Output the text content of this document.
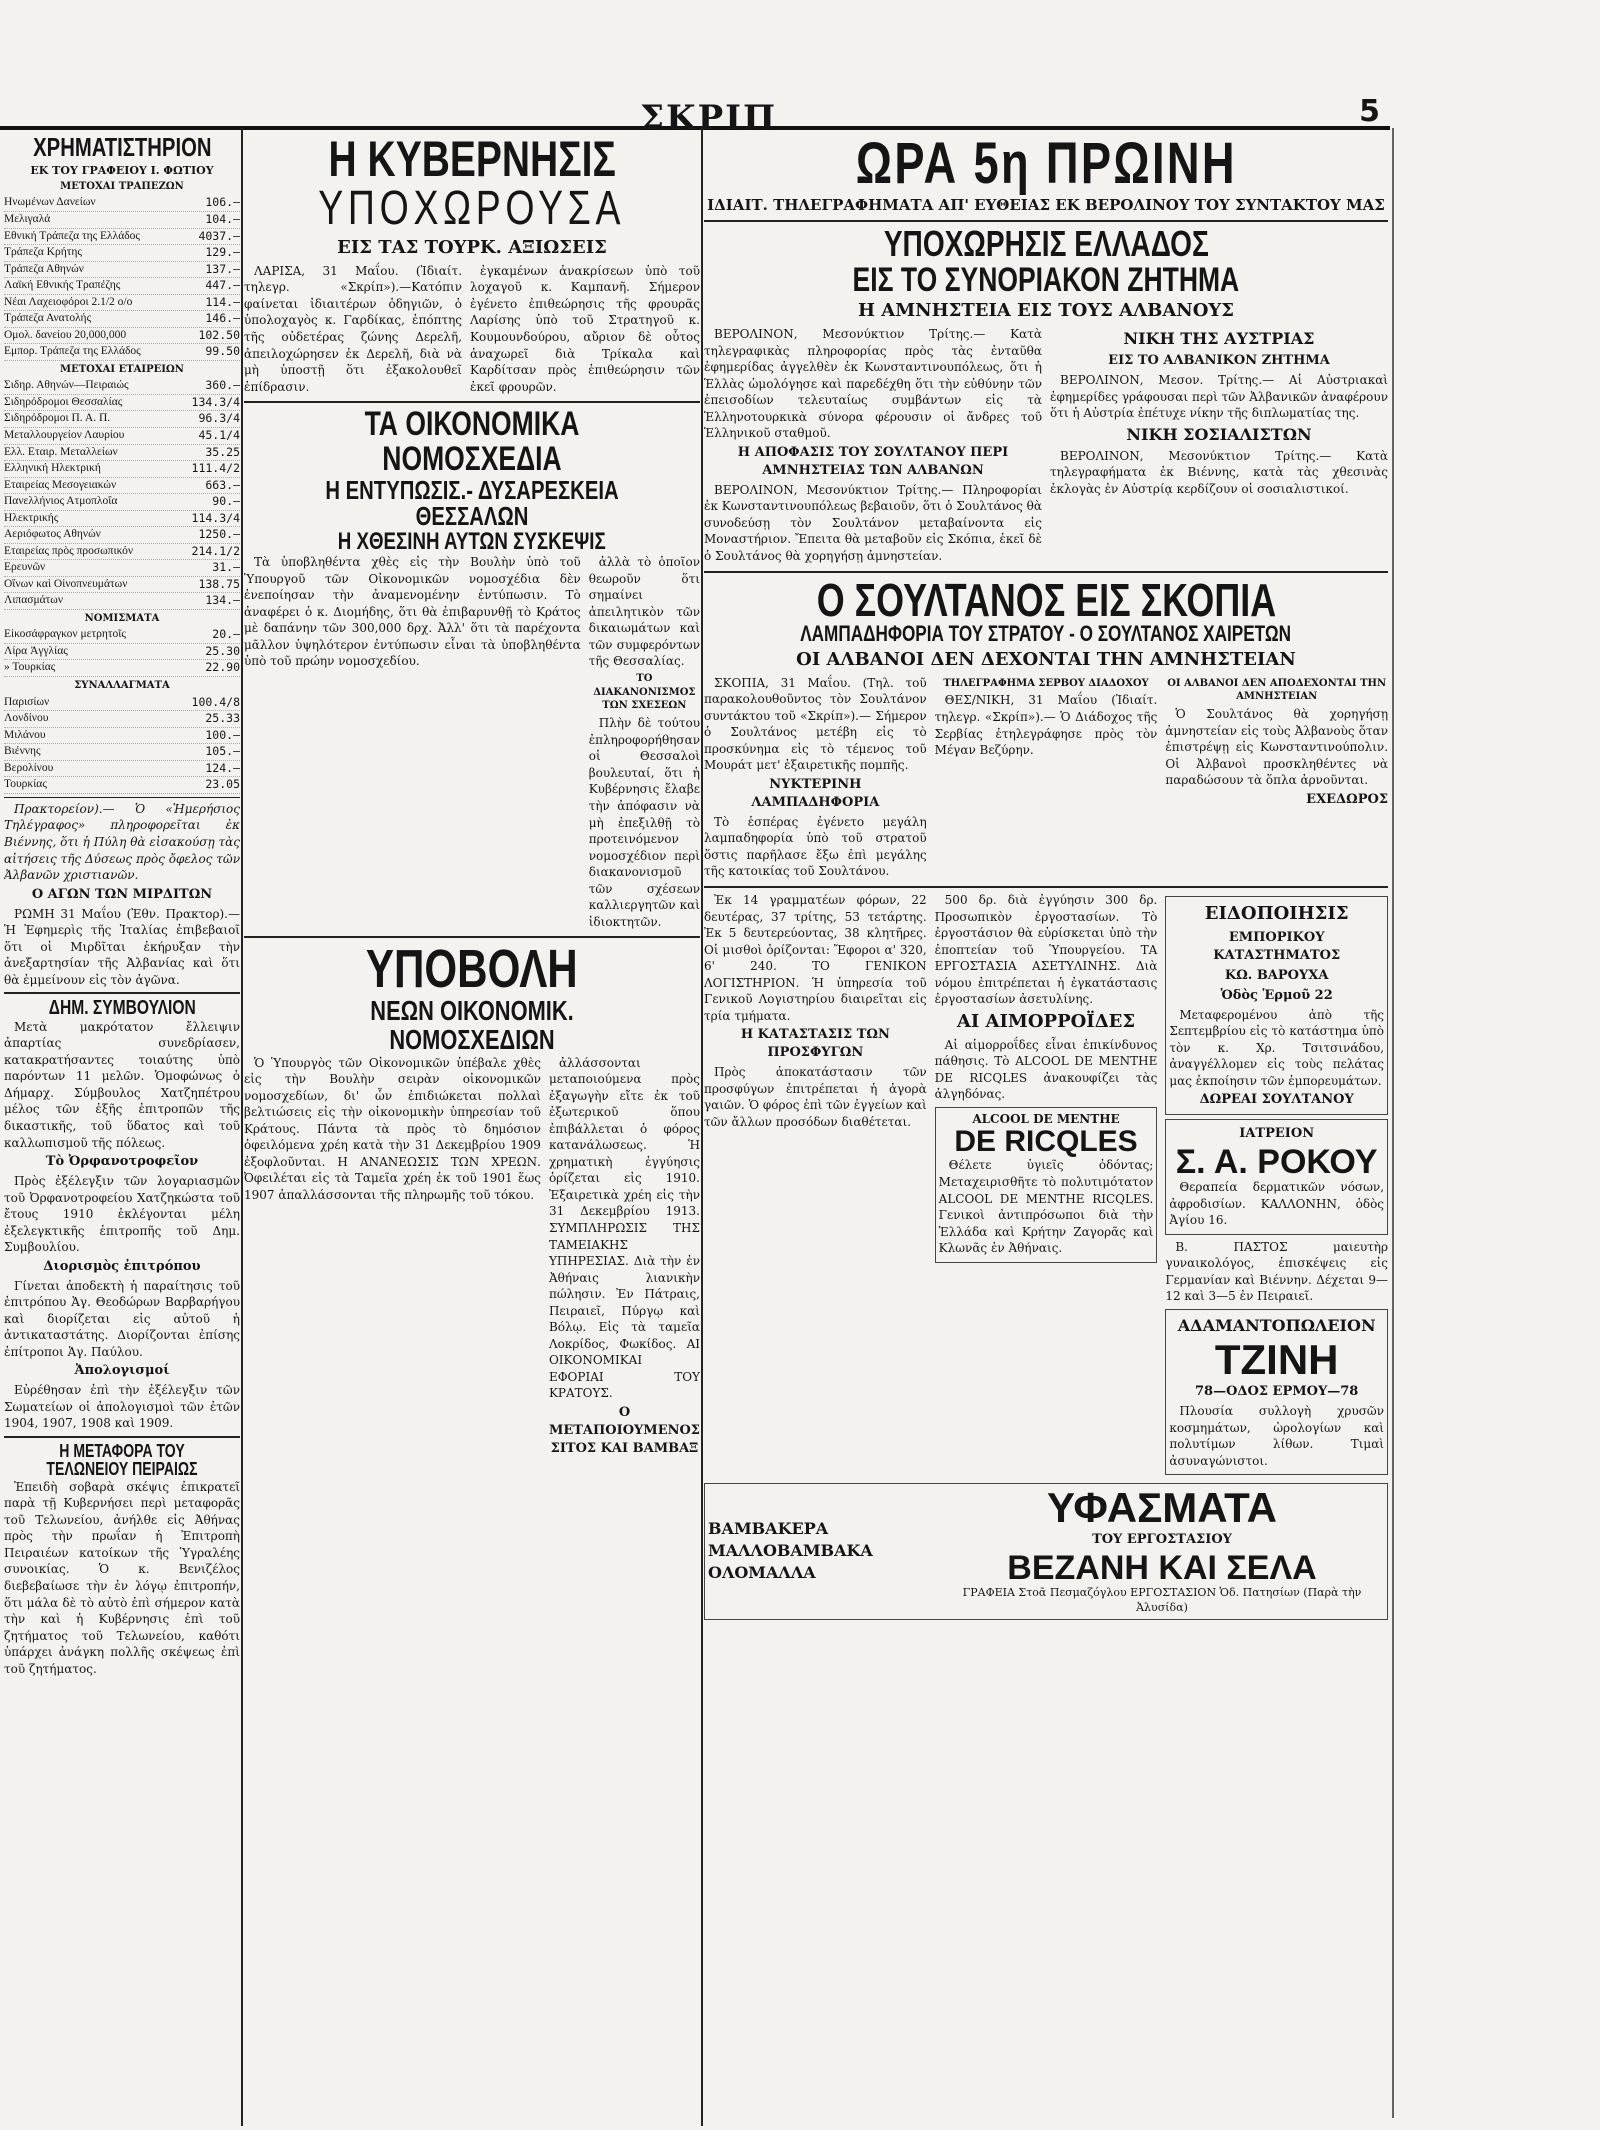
ΣΚΡΙΠ	5
ΧΡΗΜΑΤΙΣΤΗΡΙΟΝ
ΕΚ ΤΟΥ ΓΡΑΦΕΙΟΥ Ι. ΦΩΤΙΟΥ
ΜΕΤΟΧΑΙ ΤΡΑΠΕΖΩΝ
Ηνωμένων Δανείων	106.—
Μελιγαλά	104.—
Εθνική Τράπεζα της Ελλάδος	4037.—
Τράπεζα Κρήτης	129.—
Τράπεζα Αθηνών	137.—
Λαϊκή Εθνικής Τραπέζης	447.—
Νέαι Λαχειοφόροι 2.1/2 ο/ο	114.—
Τράπεζα Ανατολής	146.—
Ομολ. δανείου 20,000,000	102.50
Εμπορ. Τράπεζα της Ελλάδος	99.50
ΜΕΤΟΧΑΙ ΕΤΑΙΡΕΙΩΝ
Σιδηρ. Αθηνών—Πειραιώς	360.—
Σιδηρόδρομοι Θεσσαλίας	134.3/4
Σιδηρόδρομοι Π. Α. Π.	96.3/4
Μεταλλουργείον Λαυρίου	45.1/4
Ελλ. Εταιρ. Μεταλλείων	35.25
Ελληνική Ηλεκτρική	111.4/2
Εταιρείας Μεσογειακών	663.—
Πανελλήνιος Ατμοπλοΐα	90.—
Ηλεκτρικής	114.3/4
Αεριόφωτος Αθηνών	1250.—
Εταιρείας πρὸς προσωπικόν	214.1/2
Ερευνῶν	31.—
Οἴνων καὶ Οἰνοπνευμάτων	138.75
Λιπασμάτων	134.—
ΝΟΜΙΣΜΑΤΑ
Εἰκοσάφραγκον μετρητοῖς	20.—
Λίρα Ἀγγλίας	25.30
» Τουρκίας	22.90
ΣΥΝΑΛΛΑΓΜΑΤΑ
Παρισίων	100.4/8
Λονδίνου	25.33
Μιλάνου	100.—
Βιέννης	105.—
Βερολίνου	124.—
Τουρκίας	23.05

Πρακτορείον).— Ὁ «Ἡμερήσιος Τηλέγραφος» πληροφορεῖται ἐκ Βιέννης, ὅτι ἡ Πύλη θὰ εἰσακούσῃ τὰς αἰτήσεις τῆς Δύσεως πρὸς ὄφελος τῶν Ἀλβανῶν χριστιανῶν.

Ο ΑΓΩΝ ΤΩΝ ΜΙΡΔΙΤΩΝ

ΡΩΜΗ 31 Μαΐου (Ἐθν. Πρακτορ).— Ἡ Ἐφημερὶς τῆς Ἰταλίας ἐπιβεβαιοῖ ὅτι οἱ Μιρδῖται ἐκήρυξαν τὴν ἀνεξαρτησίαν τῆς Ἀλβανίας καὶ ὅτι θὰ ἐμμείνουν εἰς τὸν ἀγῶνα.

ΔΗΜ. ΣΥΜΒΟΥΛΙΟΝ

Μετὰ μακρότατον ἔλλειψιν ἀπαρτίας συνεδρίασεν, κατακρατήσαντες τοιαύτης ὑπὸ παρόντων 11 μελῶν. Ὁμοφώνως ὁ Δήμαρχ. Σύμβουλος Χατζηπέτρου μέλος τῶν ἐξῆς ἐπιτροπῶν τῆς δικαστικῆς, τοῦ ὕδατος καὶ τοῦ καλλωπισμοῦ τῆς πόλεως.

Τὸ Ὀρφανοτροφεῖον

Πρὸς ἐξέλεγξιν τῶν λογαριασμῶν τοῦ Ὀρφανοτροφείου Χατζηκώστα τοῦ ἔτους 1910 ἐκλέγονται μέλη ἐξελεγκτικῆς ἐπιτροπῆς τοῦ Δημ. Συμβουλίου.

Διορισμὸς ἐπιτρόπου

Γίνεται ἀποδεκτὴ ἡ παραίτησις τοῦ ἐπιτρόπου Ἁγ. Θεοδώρων Βαρβαρήγου καὶ διορίζεται εἰς αὐτοῦ ἡ ἀντικαταστάτης. Διορίζονται ἐπίσης ἐπίτροποι Ἁγ. Παύλου.

Ἀπολογισμοί

Εὐρέθησαν ἐπὶ τὴν ἐξέλεγξιν τῶν Σωματείων οἱ ἀπολογισμοὶ τῶν ἐτῶν 1904, 1907, 1908 καὶ 1909.

Η ΜΕΤΑΦΟΡΑ ΤΟΥ ΤΕΛΩΝΕΙΟΥ ΠΕΙΡΑΙΩΣ

Ἐπειδὴ σοβαρὰ σκέψις ἐπικρατεῖ παρὰ τῇ Κυβερνήσει περὶ μεταφορᾶς τοῦ Τελωνείου, ἀνήλθε εἰς Ἀθήνας πρὸς τὴν πρωΐαν ἡ Ἐπιτροπὴ Πειραιέων κατοίκων τῆς Ὑγραλέης συνοικίας. Ὁ κ. Βενιζέλος διεβεβαίωσε τὴν ἐν λόγῳ ἐπιτροπήν, ὅτι μάλα δὲ τὸ αὐτὸ ἐπὶ σήμερον κατὰ τὴν καὶ ἡ Κυβέρνησις ἐπὶ τοῦ ζητήματος τοῦ Τελωνείου, καθότι ὑπάρχει ἀνάγκη πολλῆς σκέψεως ἐπὶ τοῦ ζητήματος.

Η ΚΥΒΕΡΝΗΣΙΣ
ΥΠΟΧΩΡΟΥΣΑ
ΕΙΣ ΤΑΣ ΤΟΥΡΚ. ΑΞΙΩΣΕΙΣ

ΛΑΡΙΣΑ, 31 Μαΐου. (Ἰδιαίτ. τηλεγρ. «Σκρίπ»).—Κατόπιν φαίνεται ἰδιαιτέρων ὁδηγιῶν, ὁ ὑπολοχαγὸς κ. Γαρδίκας, ἐπόπτης τῆς οὐδετέρας ζώνης Δερελῆ, ἀπειλοχώρησεν ἐκ Δερελῆ, διὰ νὰ μὴ ὑποστῇ ὅτι ἐξακολουθεῖ ἐπίδρασιν.

ἐγκαμένων ἀνακρίσεων ὑπὸ τοῦ λοχαγοῦ κ. Καμπανῆ. Σήμερον ἐγένετο ἐπιθεώρησις τῆς φρουρᾶς Λαρίσης ὑπὸ τοῦ Στρατηγοῦ κ. Κουμουνδούρου, αὔριον δὲ οὗτος ἀναχωρεῖ διὰ Τρίκαλα καὶ Καρδίτσαν πρὸς ἐπιθεώρησιν τῶν ἐκεῖ φρουρῶν.

ΤΑ ΟΙΚΟΝΟΜΙΚΑ ΝΟΜΟΣΧΕΔΙΑ
Η ΕΝΤΥΠΩΣΙΣ.- ΔΥΣΑΡΕΣΚΕΙΑ ΘΕΣΣΑΛΩΝ
Η ΧΘΕΣΙΝΗ ΑΥΤΩΝ ΣΥΣΚΕΨΙΣ

Τὰ ὑποβληθέντα χθὲς εἰς τὴν Βουλὴν ὑπὸ τοῦ Ὑπουργοῦ τῶν Οἰκονομικῶν νομοσχέδια δὲν ἐνεποίησαν τὴν ἀναμενομένην ἐντύπωσιν. Τὸ ἀναφέρει ὁ κ. Διομήδης, ὅτι θὰ ἐπιβαρυνθῇ τὸ Κράτος μὲ δαπάνην τῶν 300,000 δρχ. Ἀλλ' ὅτι τὰ παρέχοντα μᾶλλον ὑψηλότερον ἐντύπωσιν εἶναι τὰ ὑποβληθέντα ὑπὸ τοῦ πρώην νομοσχεδίου.

ἀλλὰ τὸ ὁποῖον θεωροῦν ὅτι σημαίνει ἀπειλητικὸν τῶν δικαιωμάτων καὶ τῶν συμφερόντων τῆς Θεσσαλίας.

ΤΟ ΔΙΑΚΑΝΟΝΙΣΜΟΣ ΤΩΝ ΣΧΕΣΕΩΝ

Πλὴν δὲ τούτου ἐπληροφορήθησαν οἱ Θεσσαλοὶ βουλευταί, ὅτι ἡ Κυβέρνησις ἔλαβε τὴν ἀπόφασιν νὰ μὴ ἐπεξιλθῇ τὸ προτεινόμενον νομοσχέδιον περὶ διακανονισμοῦ τῶν σχέσεων καλλιεργητῶν καὶ ἰδιοκτητῶν.

ΥΠΟΒΟΛΗ
ΝΕΩΝ ΟΙΚΟΝΟΜΙΚ. ΝΟΜΟΣΧΕΔΙΩΝ

Ὁ Ὑπουργὸς τῶν Οἰκονομικῶν ὑπέβαλε χθὲς εἰς τὴν Βουλὴν σειρὰν οἰκονομικῶν νομοσχεδίων, δι' ὧν ἐπιδιώκεται πολλαὶ βελτιώσεις εἰς τὴν οἰκονομικὴν ὑπηρεσίαν τοῦ Κράτους. Πάντα τὰ πρὸς τὸ δημόσιον ὀφειλόμενα χρέη κατὰ τὴν 31 Δεκεμβρίου 1909 ἐξοφλοῦνται. Η ΑΝΑΝΕΩΣΙΣ ΤΩΝ ΧΡΕΩΝ. Ὀφειλέται εἰς τὰ Ταμεῖα χρέη ἐκ τοῦ 1901 ἕως 1907 ἀπαλλάσσονται τῆς πληρωμῆς τοῦ τόκου.

ἀλλάσσονται μεταποιούμενα πρὸς ἐξαγωγὴν εἴτε ἐκ τοῦ ἐξωτερικοῦ ὅπου ἐπιβάλλεται ὁ φόρος κατανάλωσεως. Ἡ χρηματικὴ ἐγγύησις ὁρίζεται εἰς 1910. Ἐξαιρετικὰ χρέη εἰς τὴν 31 Δεκεμβρίου 1913. ΣΥΜΠΛΗΡΩΣΙΣ ΤΗΣ ΤΑΜΕΙΑΚΗΣ ΥΠΗΡΕΣΙΑΣ. Διὰ τὴν ἐν Ἀθήναις λιανικὴν πώλησιν. Ἐν Πάτραις, Πειραιεῖ, Πύργῳ καὶ Βόλῳ. Εἰς τὰ ταμεῖα Λοκρίδος, Φωκίδος. ΑΙ ΟΙΚΟΝΟΜΙΚΑΙ ΕΦΟΡΙΑΙ ΤΟΥ ΚΡΑΤΟΥΣ.

Ο ΜΕΤΑΠΟΙΟΥΜΕΝΟΣ ΣΙΤΟΣ ΚΑΙ ΒΑΜΒΑΞ
ΩΡΑ 5η ΠΡΩΙΝΗ
ΙΔΙΑΙΤ. ΤΗΛΕΓΡΑΦΗΜΑΤΑ ΑΠ' ΕΥΘΕΙΑΣ ΕΚ ΒΕΡΟΛΙΝΟΥ ΤΟΥ ΣΥΝΤΑΚΤΟΥ ΜΑΣ
ΥΠΟΧΩΡΗΣΙΣ ΕΛΛΑΔΟΣ
ΕΙΣ ΤΟ ΣΥΝΟΡΙΑΚΟΝ ΖΗΤΗΜΑ
Η ΑΜΝΗΣΤΕΙΑ ΕΙΣ ΤΟΥΣ ΑΛΒΑΝΟΥΣ

ΒΕΡΟΛΙΝΟΝ, Μεσονύκτιον Τρίτης.— Κατὰ τηλεγραφικὰς πληροφορίας πρὸς τὰς ἐνταῦθα ἐφημερίδας ἀγγελθὲν ἐκ Κωνσταντινουπόλεως, ὅτι ἡ Ἑλλὰς ὡμολόγησε καὶ παρεδέχθη ὅτι τὴν εὐθύνην τῶν ἐπεισοδίων τελευταίως συμβάντων εἰς τὰ Ἑλληνοτουρκικὰ σύνορα φέρουσιν οἱ ἄνδρες τοῦ Ἑλληνικοῦ σταθμοῦ.

Η ΑΠΟΦΑΣΙΣ ΤΟΥ ΣΟΥΛΤΑΝΟΥ ΠΕΡΙ ΑΜΝΗΣΤΕΙΑΣ ΤΩΝ ΑΛΒΑΝΩΝ

ΒΕΡΟΛΙΝΟΝ, Μεσονύκτιον Τρίτης.— Πληροφορίαι ἐκ Κωνσταντινουπόλεως βεβαιοῦν, ὅτι ὁ Σουλτάνος θὰ συνοδεύσῃ τὸν Σουλτάνον μεταβαίνοντα εἰς Μοναστήριον. Ἔπειτα θὰ μεταβοῦν εἰς Σκόπια, ἐκεῖ δὲ ὁ Σουλτάνος θὰ χορηγήσῃ ἀμνηστείαν.

ΝΙΚΗ ΤΗΣ ΑΥΣΤΡΙΑΣ
ΕΙΣ ΤΟ ΑΛΒΑΝΙΚΟΝ ΖΗΤΗΜΑ

ΒΕΡΟΛΙΝΟΝ, Μεσον. Τρίτης.— Αἱ Αὐστριακαὶ ἐφημερίδες γράφουσαι περὶ τῶν Ἀλβανικῶν ἀναφέρουν ὅτι ἡ Αὐστρία ἐπέτυχε νίκην τῆς διπλωματίας της.

ΝΙΚΗ ΣΟΣΙΑΛΙΣΤΩΝ

ΒΕΡΟΛΙΝΟΝ, Μεσονύκτιον Τρίτης.— Κατὰ τηλεγραφήματα ἐκ Βιέννης, κατὰ τὰς χθεσινὰς ἐκλογὰς ἐν Αὐστρίᾳ κερδίζουν οἱ σοσιαλιστικοί.

Ο ΣΟΥΛΤΑΝΟΣ ΕΙΣ ΣΚΟΠΙΑ
ΛΑΜΠΑΔΗΦΟΡΙΑ ΤΟΥ ΣΤΡΑΤΟΥ - Ο ΣΟΥΛΤΑΝΟΣ ΧΑΙΡΕΤΩΝ
ΟΙ ΑΛΒΑΝΟΙ ΔΕΝ ΔΕΧΟΝΤΑΙ ΤΗΝ ΑΜΝΗΣΤΕΙΑΝ

ΣΚΟΠΙΑ, 31 Μαΐου. (Τηλ. τοῦ παρακολουθοῦντος τὸν Σουλτάνον συντάκτου τοῦ «Σκρίπ»).— Σήμερον ὁ Σουλτάνος μετέβη εἰς τὸ προσκύνημα εἰς τὸ τέμενος τοῦ Μουράτ μετ' ἐξαιρετικῆς πομπῆς.

ΝΥΚΤΕΡΙΝΗ ΛΑΜΠΑΔΗΦΟΡΙΑ

Τὸ ἑσπέρας ἐγένετο μεγάλη λαμπαδηφορία ὑπὸ τοῦ στρατοῦ ὅστις παρῆλασε ἔξω ἐπὶ μεγάλης τῆς κατοικίας τοῦ Σουλτάνου.

ΤΗΛΕΓΡΑΦΗΜΑ ΣΕΡΒΟΥ ΔΙΑΔΟΧΟΥ

ΘΕΣ/ΝΙΚΗ, 31 Μαΐου (Ἰδιαίτ. τηλεγρ. «Σκρίπ»).— Ὁ Διάδοχος τῆς Σερβίας ἐτηλεγράφησε πρὸς τὸν Μέγαν Βεζύρην.

ΟΙ ΑΛΒΑΝΟΙ ΔΕΝ ΑΠΟΔΕΧΟΝΤΑΙ ΤΗΝ ΑΜΝΗΣΤΕΙΑΝ

Ὁ Σουλτάνος θὰ χορηγήσῃ ἀμνηστείαν εἰς τοὺς Ἀλβανοὺς ὅταν ἐπιστρέψῃ εἰς Κωνσταντινούπολιν. Οἱ Ἀλβανοὶ προσκληθέντες νὰ παραδώσουν τὰ ὅπλα ἀρνοῦνται.

ΕΧΕΔΩΡΟΣ

Ἐκ 14 γραμματέων φόρων, 22 δευτέρας, 37 τρίτης, 53 τετάρτης. Ἐκ 5 δευτερεύοντας, 38 κλητῆρες. Οἱ μισθοὶ ὁρίζονται: Ἔφοροι α' 320, 6' 240. ΤΟ ΓΕΝΙΚΟΝ ΛΟΓΙΣΤΗΡΙΟΝ. Ἡ ὑπηρεσία τοῦ Γενικοῦ Λογιστηρίου διαιρεῖται εἰς τρία τμήματα.

Η ΚΑΤΑΣΤΑΣΙΣ ΤΩΝ ΠΡΟΣΦΥΓΩΝ

Πρὸς ἀποκατάστασιν τῶν προσφύγων ἐπιτρέπεται ἡ ἀγορὰ γαιῶν. Ὁ φόρος ἐπὶ τῶν ἐγγείων καὶ τῶν ἄλλων προσόδων διαθέτεται.

500 δρ. διὰ ἐγγύησιν 300 δρ. Προσωπικὸν ἐργοστασίων. Τὸ ἐργοστάσιον θὰ εὐρίσκεται ὑπὸ τὴν ἐποπτείαν τοῦ Ὑπουργείου. ΤΑ ΕΡΓΟΣΤΑΣΙΑ ΑΣΕΤΥΛΙΝΗΣ. Διὰ νόμου ἐπιτρέπεται ἡ ἐγκατάστασις ἐργοστασίων ἀσετυλίνης.

ΑΙ ΑΙΜΟΡΡΟΪΔΕΣ

Αἱ αἱμορροΐδες εἶναι ἐπικίνδυνος πάθησις. Τὸ ALCOOL DE MENTHE DE RICQLES ἀνακουφίζει τὰς ἀλγηδόνας.

ALCOOL DE MENTHE
DE RICQLES

Θέλετε ὑγιεῖς ὀδόντας; Μεταχειρισθῆτε τὸ πολυτιμότατον ALCOOL DE MENTHE RICQLES. Γενικοὶ ἀντιπρόσωποι διὰ τὴν Ἑλλάδα καὶ Κρήτην Ζαγορᾶς καὶ Κλωνᾶς ἐν Ἀθήναις.

ΕΙΔΟΠΟΙΗΣΙΣ
ΕΜΠΟΡΙΚΟΥ ΚΑΤΑΣΤΗΜΑΤΟΣ
ΚΩ. ΒΑΡΟΥΧΑ
Ὁδὸς Ἑρμοῦ 22

Μεταφερομένου ἀπὸ τῆς Σεπτεμβρίου εἰς τὸ κατάστημα ὑπὸ τὸν κ. Χρ. Τσιτσινάδου, ἀναγγέλλομεν εἰς τοὺς πελάτας μας ἐκποίησιν τῶν ἐμπορευμάτων.

ΔΩΡΕΑΙ ΣΟΥΛΤΑΝΟΥ
ΙΑΤΡΕΙΟΝ
Σ. Α. ΡΟΚΟΥ

Θεραπεία δερματικῶν νόσων, ἀφροδισίων. ΚΑΛΛΟΝΗΝ, ὁδὸς Ἀγίου 16.

Β. ΠΑΣΤΟΣ μαιευτὴρ γυναικολόγος, ἐπισκέψεις εἰς Γερμανίαν καὶ Βιέννην. Δέχεται 9—12 καὶ 3—5 ἐν Πειραιεῖ.

ΑΔΑΜΑΝΤΟΠΩΛΕΙΟΝ
ΤΖΙΝΗ
78—ΟΔΟΣ ΕΡΜΟΥ—78

Πλουσία συλλογὴ χρυσῶν κοσμημάτων, ὡρολογίων καὶ πολυτίμων λίθων. Τιμαὶ ἀσυναγώνιστοι.

ΒΑΜΒΑΚΕΡΑ
ΜΑΛΛΟΒΑΜΒΑΚΑ
ΟΛΟΜΑΛΛΑ
ΥΦΑΣΜΑΤΑ
ΤΟΥ ΕΡΓΟΣΤΑΣΙΟΥ
ΒΕΖΑΝΗ ΚΑΙ ΣΕΛΑ
ΓΡΑΦΕΙΑ Στοᾶ Πεσμαζόγλου ΕΡΓΟΣΤΑΣΙΟΝ Ὁδ. Πατησίων (Παρὰ τὴν Ἀλυσίδα)
